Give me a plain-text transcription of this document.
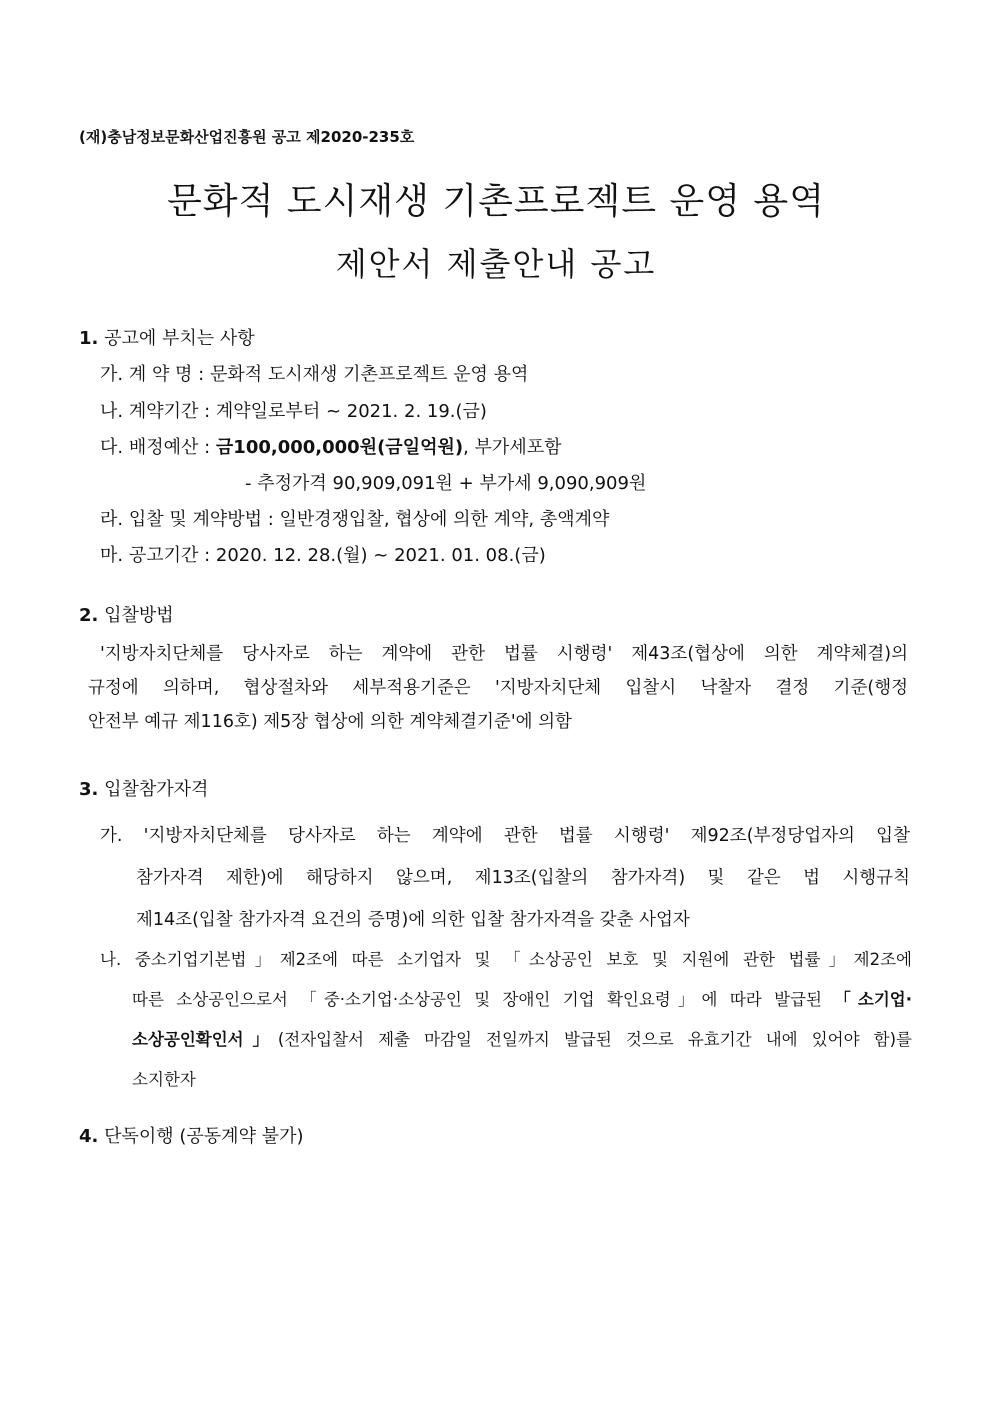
(재)충남정보문화산업진흥원 공고 제2020-235호
문화적 도시재생 기촌프로젝트 운영 용역
제안서 제출안내 공고
1. 공고에 부치는 사항
가. 계 약 명 : 문화적 도시재생 기촌프로젝트 운영 용역
나. 계약기간 : 계약일로부터 ~ 2021. 2. 19.(금)
다. 배정예산 : 금100,000,000원(금일억원), 부가세포함
- 추정가격 90,909,091원 + 부가세 9,090,909원
라. 입찰 및 계약방법 : 일반경쟁입찰, 협상에 의한 계약, 총액계약
마. 공고기간 : 2020. 12. 28.(월) ~ 2021. 01. 08.(금)
2. 입찰방법
'지방자치단체를 당사자로 하는 계약에 관한 법률 시행령' 제43조(협상에 의한 계약체결)의
규정에 의하며, 협상절차와 세부적용기준은 '지방자치단체 입찰시 낙찰자 결정 기준(행정
안전부 예규 제116호) 제5장 협상에 의한 계약체결기준'에 의함
3. 입찰참가자격
가. '지방자치단체를 당사자로 하는 계약에 관한 법률 시행령' 제92조(부정당업자의 입찰
참가자격 제한)에 해당하지 않으며, 제13조(입찰의 참가자격) 및 같은 법 시행규칙
제14조(입찰 참가자격 요건의 증명)에 의한 입찰 참가자격을 갖춘 사업자
나. 중소기업기본법」제2조에 따른 소기업자 및 「소상공인 보호 및 지원에 관한 법률」제2조에
따른 소상공인으로서 「중·소기업·소상공인 및 장애인 기업 확인요령」에 따라 발급된 「소기업·
소상공인확인서」(전자입찰서 제출 마감일 전일까지 발급된 것으로 유효기간 내에 있어야 함)를
소지한자
4. 단독이행 (공동계약 불가)
